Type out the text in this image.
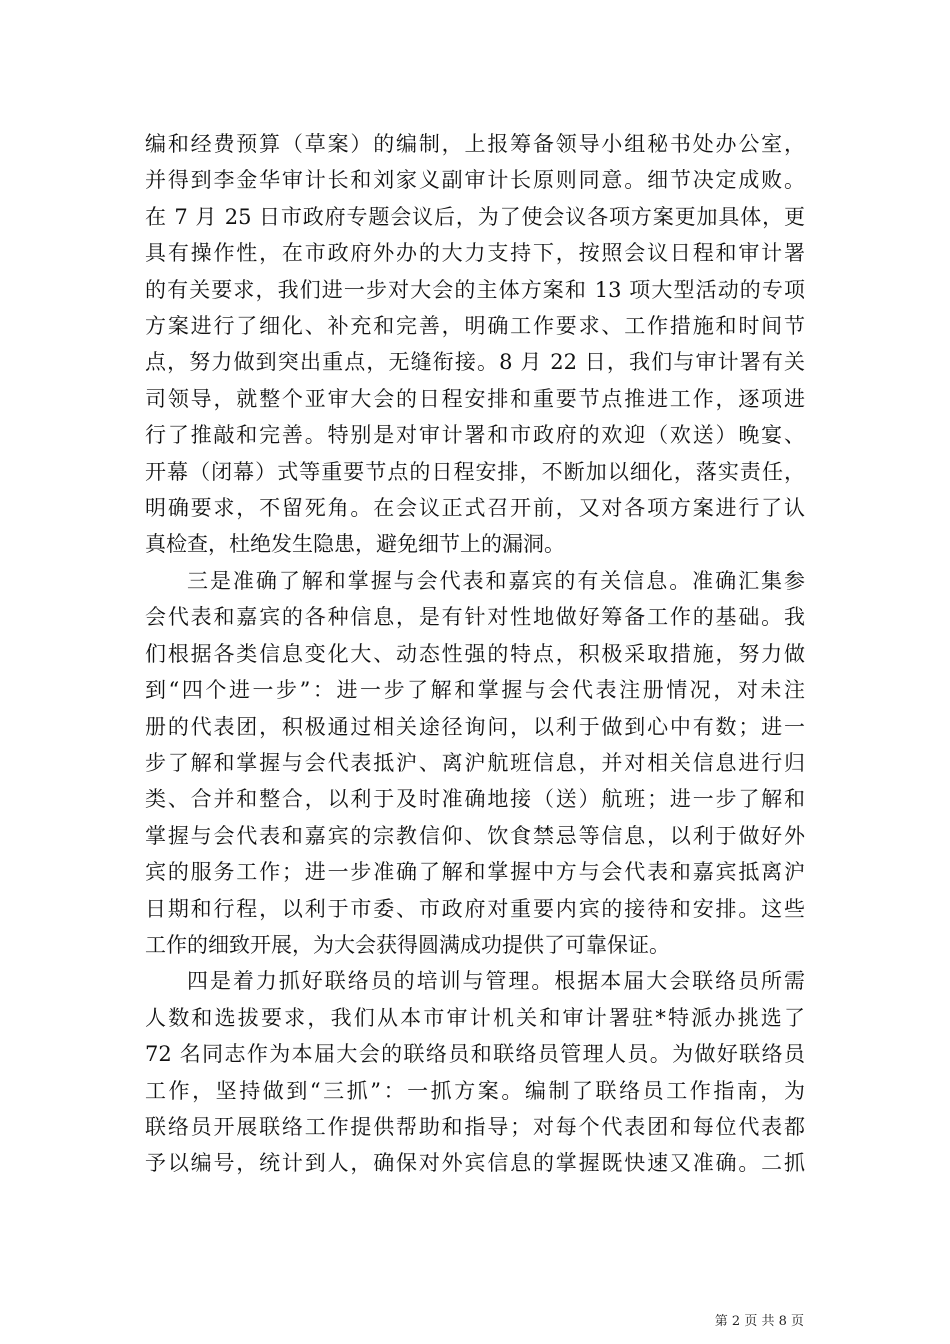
编和经费预算（草案）的编制，上报筹备领导小组秘书处办公室，
并得到李金华审计长和刘家义副审计长原则同意。细节决定成败。
在 7 月 25 日市政府专题会议后，为了使会议各项方案更加具体，更
具有操作性，在市政府外办的大力支持下，按照会议日程和审计署
的有关要求，我们进一步对大会的主体方案和 13 项大型活动的专项
方案进行了细化、补充和完善，明确工作要求、工作措施和时间节
点，努力做到突出重点，无缝衔接。8 月 22 日，我们与审计署有关
司领导，就整个亚审大会的日程安排和重要节点推进工作，逐项进
行了推敲和完善。特别是对审计署和市政府的欢迎（欢送）晚宴、
开幕（闭幕）式等重要节点的日程安排，不断加以细化，落实责任，
明确要求，不留死角。在会议正式召开前，又对各项方案进行了认
真检查，杜绝发生隐患，避免细节上的漏洞。

三是准确了解和掌握与会代表和嘉宾的有关信息。准确汇集参
会代表和嘉宾的各种信息，是有针对性地做好筹备工作的基础。我
们根据各类信息变化大、动态性强的特点，积极采取措施，努力做
到“四个进一步”：进一步了解和掌握与会代表注册情况，对未注
册的代表团，积极通过相关途径询问，以利于做到心中有数；进一
步了解和掌握与会代表抵沪、离沪航班信息，并对相关信息进行归
类、合并和整合，以利于及时准确地接（送）航班；进一步了解和
掌握与会代表和嘉宾的宗教信仰、饮食禁忌等信息，以利于做好外
宾的服务工作；进一步准确了解和掌握中方与会代表和嘉宾抵离沪
日期和行程，以利于市委、市政府对重要内宾的接待和安排。这些
工作的细致开展，为大会获得圆满成功提供了可靠保证。

四是着力抓好联络员的培训与管理。根据本届大会联络员所需
人数和选拔要求，我们从本市审计机关和审计署驻*特派办挑选了
72 名同志作为本届大会的联络员和联络员管理人员。为做好联络员
工作，坚持做到“三抓”：一抓方案。编制了联络员工作指南，为
联络员开展联络工作提供帮助和指导；对每个代表团和每位代表都
予以编号，统计到人，确保对外宾信息的掌握既快速又准确。二抓

第 2 页 共 8 页
